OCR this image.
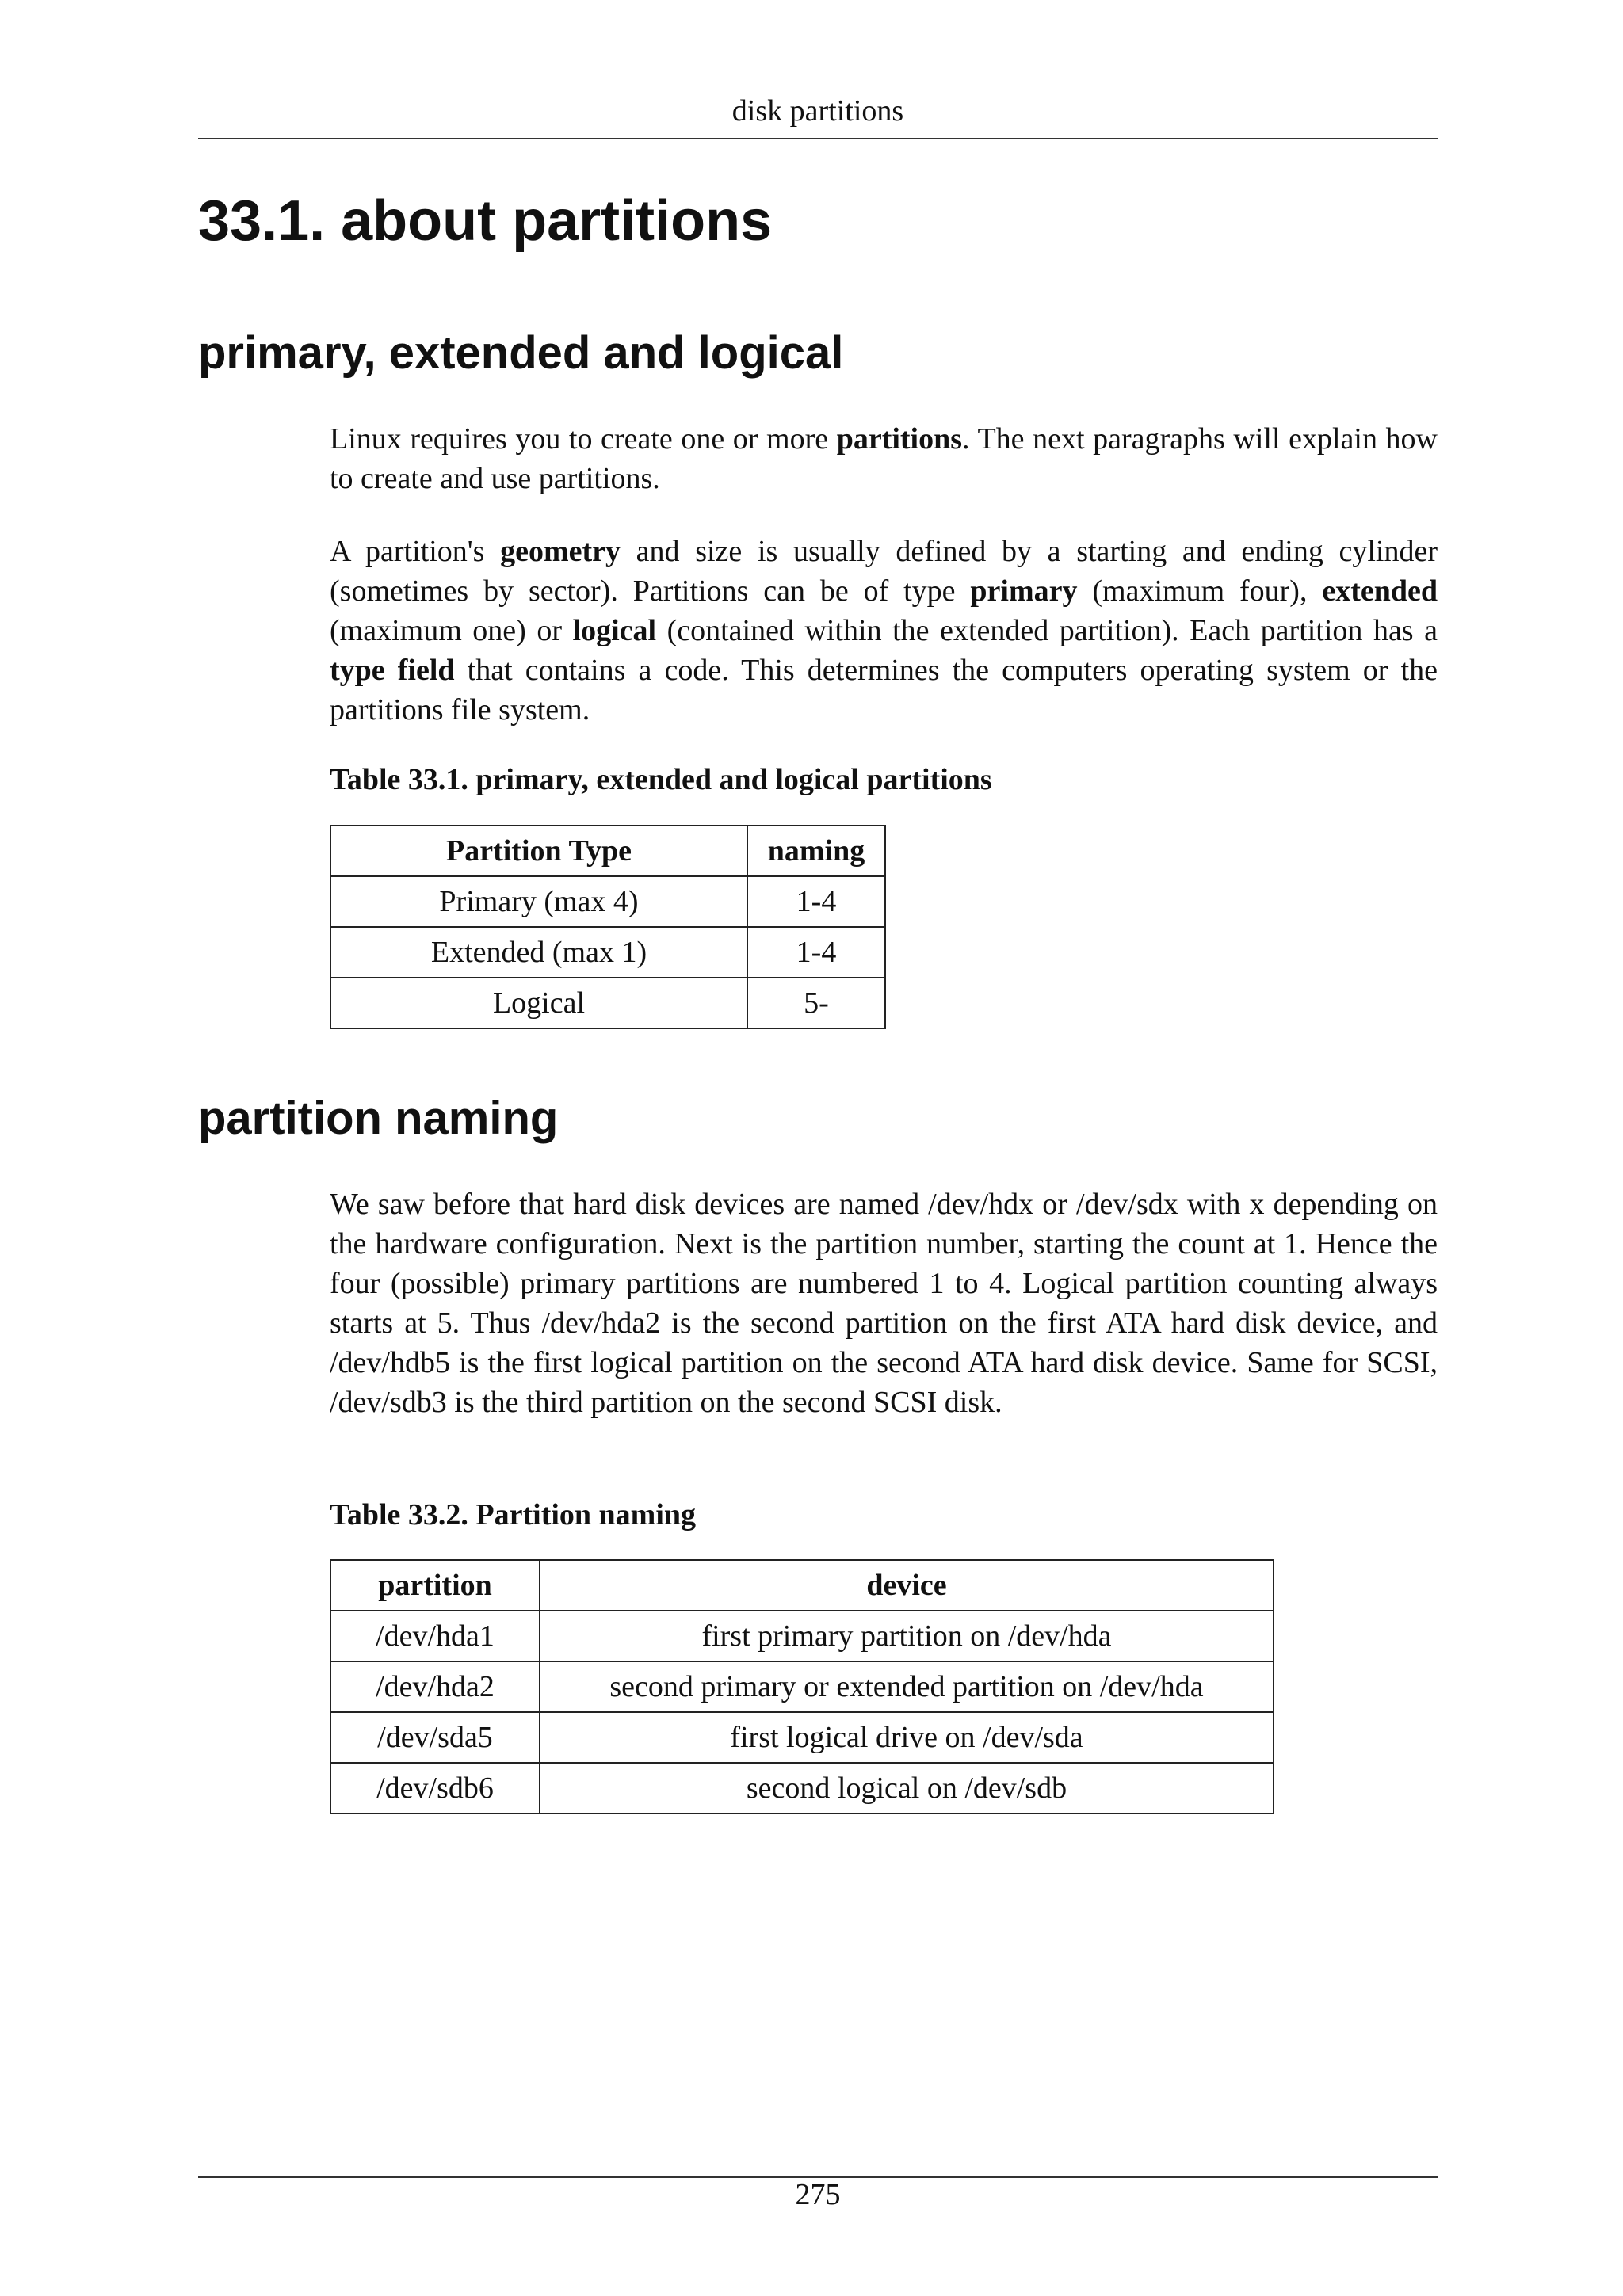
disk partitions
33.1. about partitions
primary, extended and logical

Linux requires you to create one or more partitions. The next paragraphs will explain how to create and use partitions.

A partition's geometry and size is usually defined by a starting and ending cylinder (sometimes by sector). Partitions can be of type primary (maximum four), extended (maximum one) or logical (contained within the extended partition). Each partition has a type field that contains a code. This determines the computers operating system or the partitions file system.

Table 33.1. primary, extended and logical partitions
Partition Type	naming
Primary (max 4)	1-4
Extended (max 1)	1-4
Logical	5-
partition naming

We saw before that hard disk devices are named /dev/hdx or /dev/sdx with x depending on the hardware configuration. Next is the partition number, starting the count at 1. Hence the four (possible) primary partitions are numbered 1 to 4. Logical partition counting always starts at 5. Thus /dev/hda2 is the second partition on the first ATA hard disk device, and /dev/hdb5 is the first logical partition on the second ATA hard disk device. Same for SCSI, /dev/sdb3 is the third partition on the second SCSI disk.

Table 33.2. Partition naming
partition	device
/dev/hda1	first primary partition on /dev/hda
/dev/hda2	second primary or extended partition on /dev/hda
/dev/sda5	first logical drive on /dev/sda
/dev/sdb6	second logical on /dev/sdb
275
